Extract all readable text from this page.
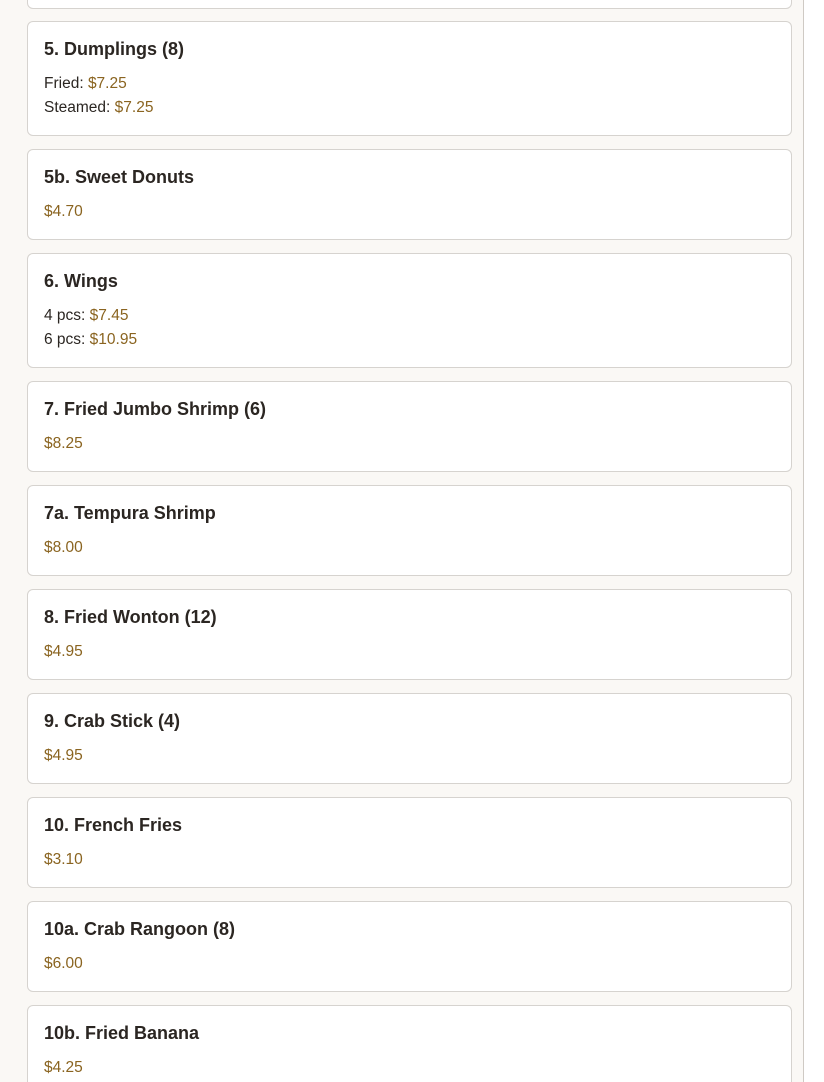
5. Dumplings (8)
Fried: $7.25
Steamed: $7.25
5b. Sweet Donuts
$4.70
6. Wings
4 pcs: $7.45
6 pcs: $10.95
7. Fried Jumbo Shrimp (6)
$8.25
7a. Tempura Shrimp
$8.00
8. Fried Wonton (12)
$4.95
9. Crab Stick (4)
$4.95
10. French Fries
$3.10
10a. Crab Rangoon (8)
$6.00
10b. Fried Banana
$4.25
